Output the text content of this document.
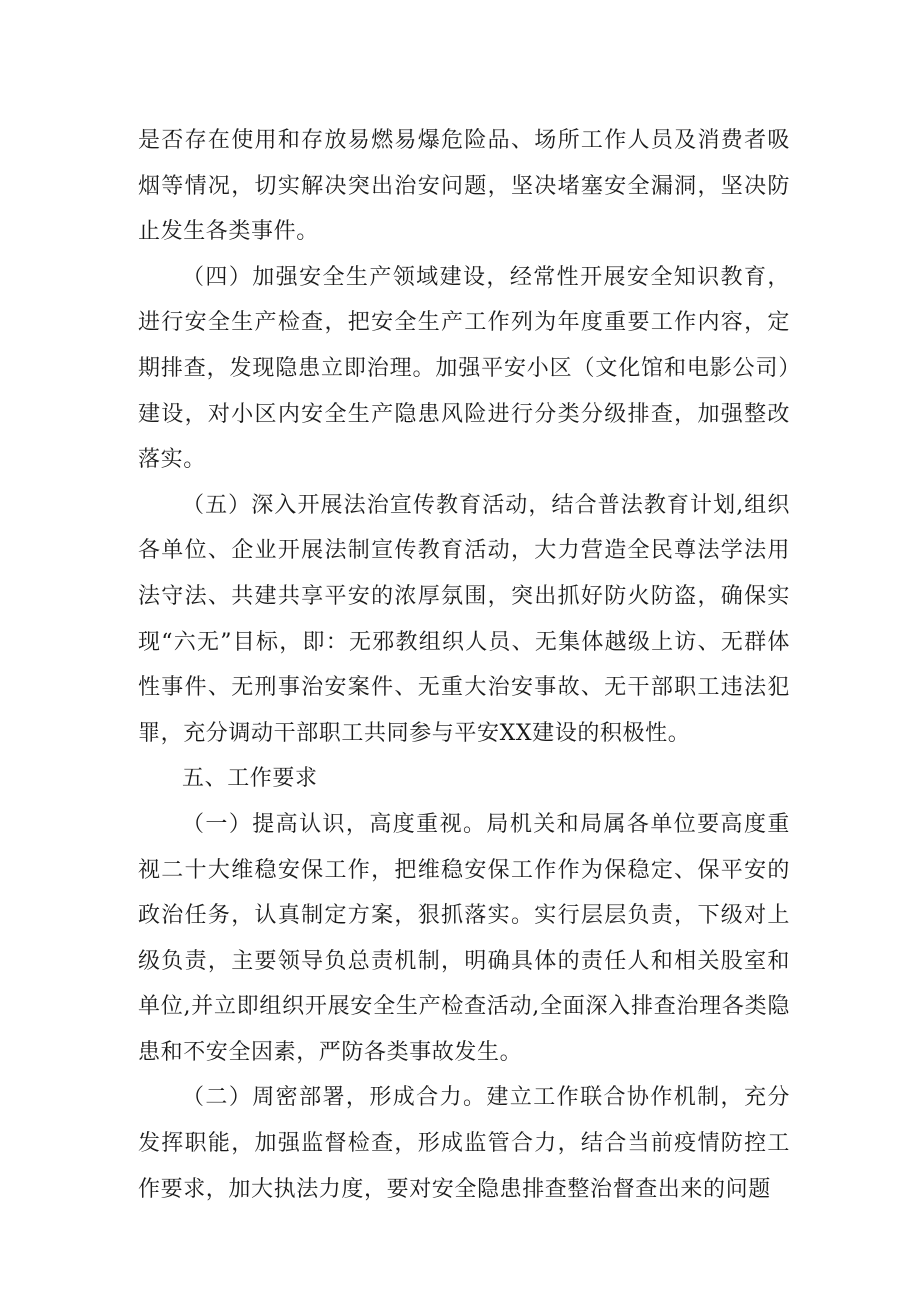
是否存在使用和存放易燃易爆危险品、场所工作人员及消费者吸烟等情况，切实解决突出治安问题，坚决堵塞安全漏洞，坚决防止发生各类事件。

（四）加强安全生产领域建设，经常性开展安全知识教育，进行安全生产检查，把安全生产工作列为年度重要工作内容，定期排查，发现隐患立即治理。加强平安小区（文化馆和电影公司）建设，对小区内安全生产隐患风险进行分类分级排查，加强整改落实。

（五）深入开展法治宣传教育活动，结合普法教育计划,组织各单位、企业开展法制宣传教育活动，大力营造全民尊法学法用法守法、共建共享平安的浓厚氛围，突出抓好防火防盗，确保实现“六无”目标，即：无邪教组织人员、无集体越级上访、无群体性事件、无刑事治安案件、无重大治安事故、无干部职工违法犯罪，充分调动干部职工共同参与平安XX建设的积极性。

五、工作要求

（一）提高认识，高度重视。局机关和局属各单位要高度重视二十大维稳安保工作，把维稳安保工作作为保稳定、保平安的政治任务，认真制定方案，狠抓落实。实行层层负责，下级对上级负责，主要领导负总责机制，明确具体的责任人和相关股室和单位,并立即组织开展安全生产检查活动,全面深入排查治理各类隐患和不安全因素，严防各类事故发生。

（二）周密部署，形成合力。建立工作联合协作机制，充分发挥职能，加强监督检查，形成监管合力，结合当前疫情防控工作要求，加大执法力度，要对安全隐患排查整治督查出来的问题
